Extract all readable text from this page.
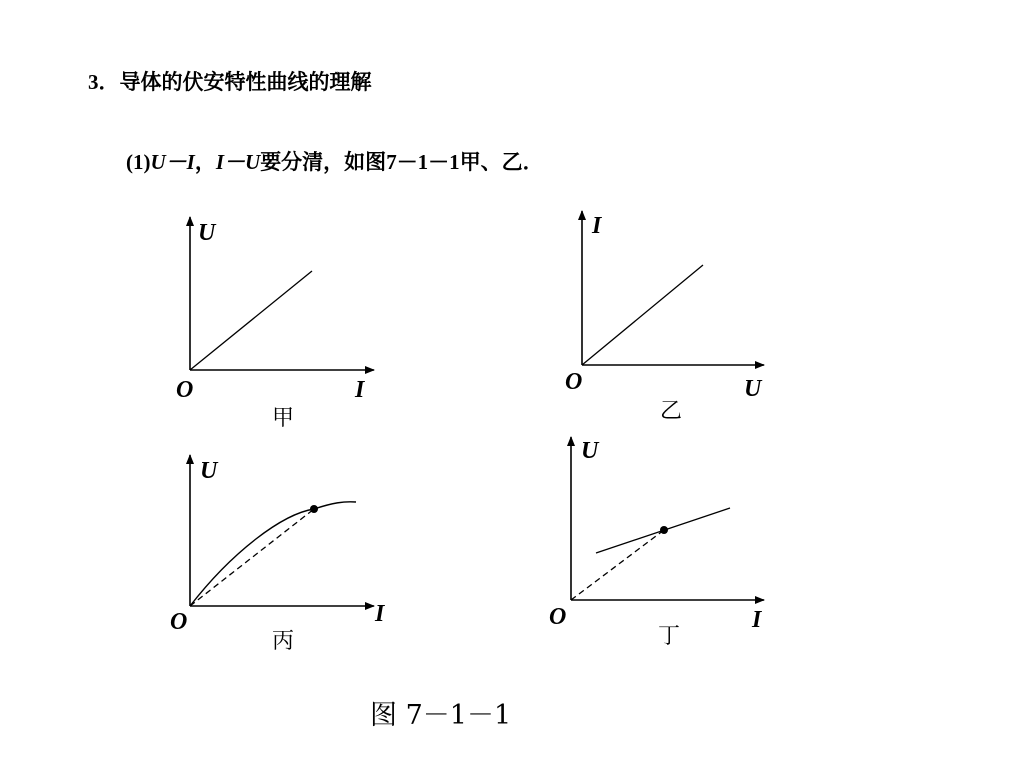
3．导体的伏安特性曲线的理解
(1)U－I，I－U要分清，如图7－1－1甲、乙．
U
I
O
甲
I
U
O
乙
U
I
O
丙
U
I
O
丁
图 7－1－1
